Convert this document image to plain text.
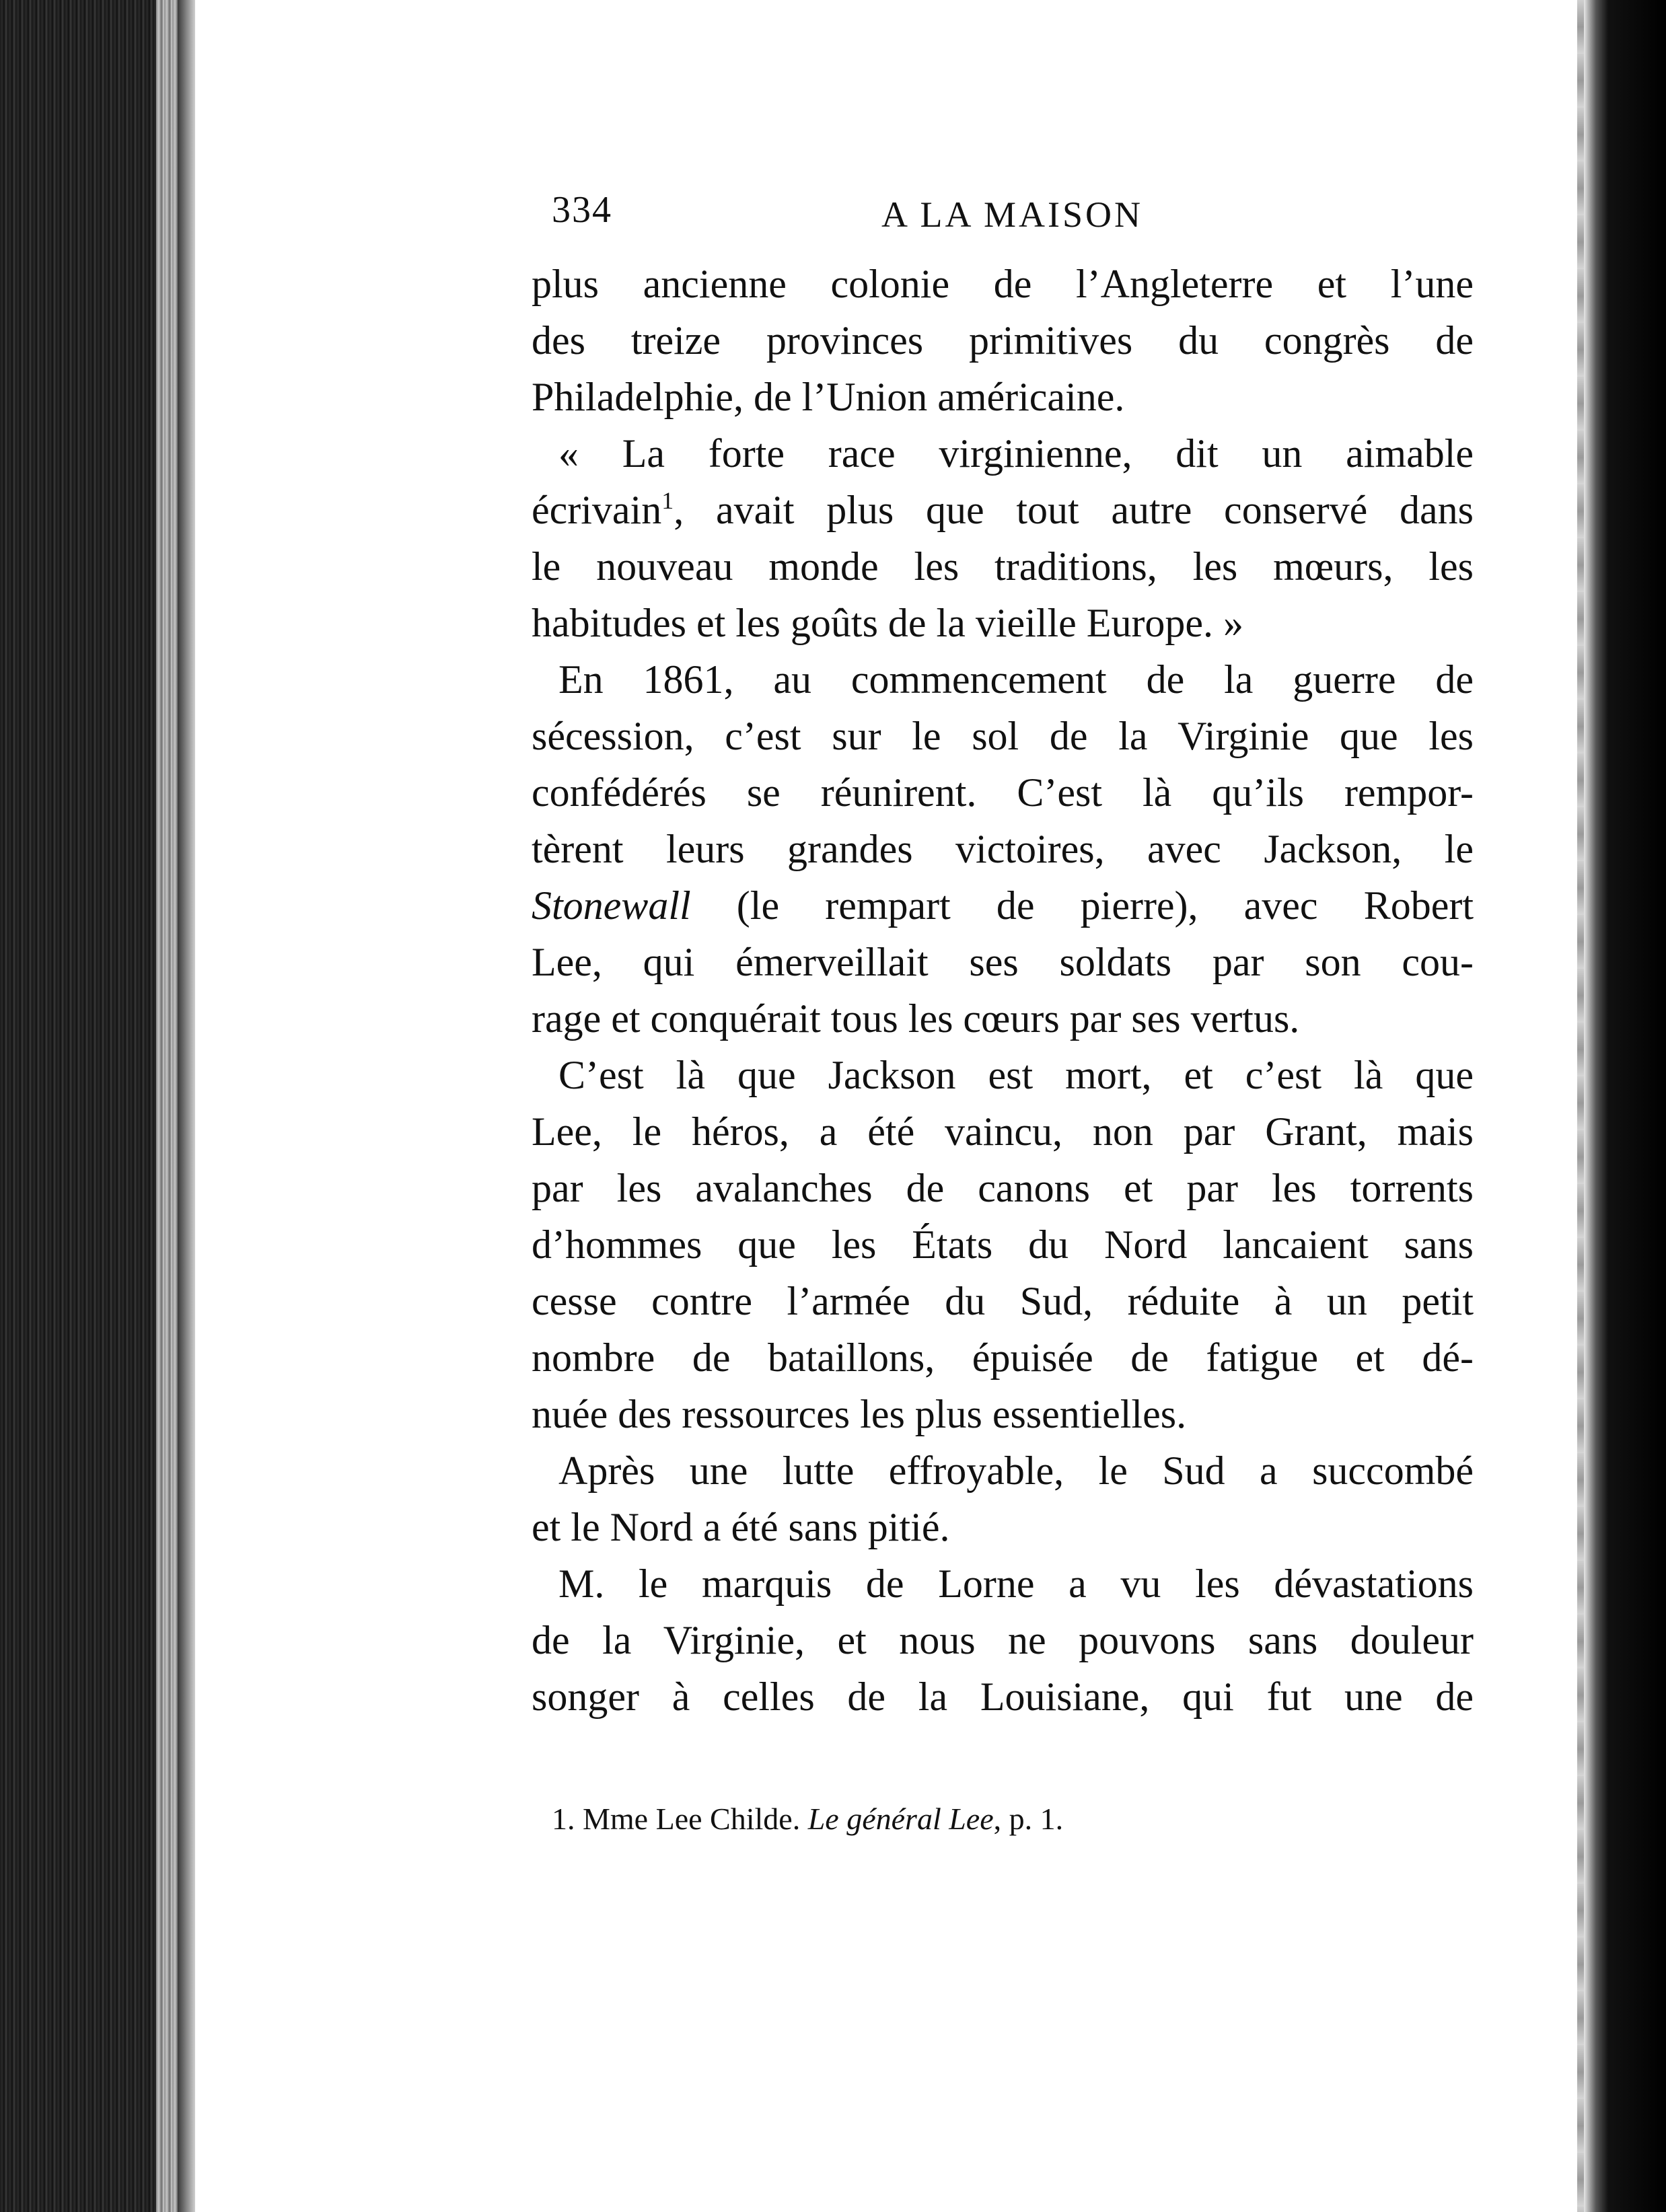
334	A LA MAISON

plus ancienne colonie de l’Angleterre et l’une
des treize provinces primitives du congrès de
Philadelphie, de l’Union américaine.

« La forte race virginienne, dit un aimable
écrivain$^1$, avait plus que tout autre conservé dans
le nouveau monde les traditions, les mœurs, les
habitudes et les goûts de la vieille Europe. »

En 1861, au commencement de la guerre de
sécession, c’est sur le sol de la Virginie que les
confédérés se réunirent. C’est là qu’ils rempor-
tèrent leurs grandes victoires, avec Jackson, le
Stonewall (le rempart de pierre), avec Robert
Lee, qui émerveillait ses soldats par son cou-
rage et conquérait tous les cœurs par ses vertus.

C’est là que Jackson est mort, et c’est là que
Lee, le héros, a été vaincu, non par Grant, mais
par les avalanches de canons et par les torrents
d’hommes que les États du Nord lancaient sans
cesse contre l’armée du Sud, réduite à un petit
nombre de bataillons, épuisée de fatigue et dé-
nuée des ressources les plus essentielles.

Après une lutte effroyable, le Sud a succombé
et le Nord a été sans pitié.

M. le marquis de Lorne a vu les dévastations
de la Virginie, et nous ne pouvons sans douleur
songer à celles de la Louisiane, qui fut une de

1. Mme Lee Childe. Le général Lee, p. 1.
